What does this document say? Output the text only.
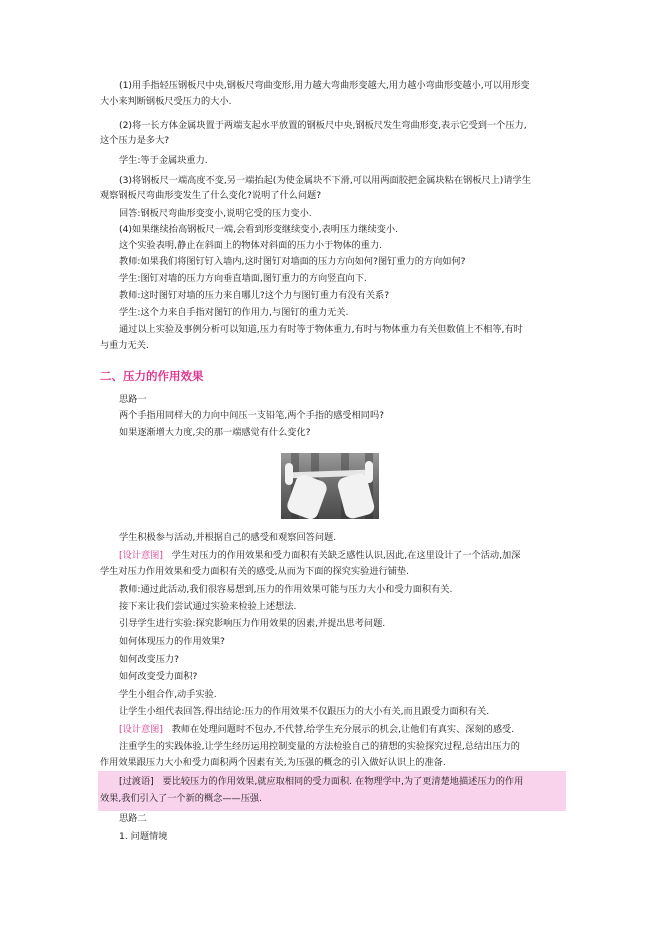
(1)用手指轻压钢板尺中央,钢板尺弯曲变形,用力越大弯曲形变越大,用力越小弯曲形变越小,可以用形变

大小来判断钢板尺受压力的大小.

(2)将一长方体金属块置于两端支起水平放置的钢板尺中央,钢板尺发生弯曲形变,表示它受到一个压力,

这个压力是多大?

学生:等于金属块重力.

(3)将钢板尺一端高度不变,另一端抬起(为使金属块不下滑,可以用两面胶把金属块粘在钢板尺上)请学生

观察钢板尺弯曲形变发生了什么变化?说明了什么问题?

回答:钢板尺弯曲形变变小,说明它受的压力变小.

(4)如果继续抬高钢板尺一端,会看到形变继续变小,表明压力继续变小.

这个实验表明,静止在斜面上的物体对斜面的压力小于物体的重力.

教师:如果我们将图钉钉入墙内,这时图钉对墙面的压力方向如何?图钉重力的方向如何?

学生:图钉对墙的压力方向垂直墙面,图钉重力的方向竖直向下.

教师:这时图钉对墙的压力来自哪儿?这个力与图钉重力有没有关系?

学生:这个力来自手指对图钉的作用力,与图钉的重力无关.

通过以上实验及事例分析可以知道,压力有时等于物体重力,有时与物体重力有关但数值上不相等,有时

与重力无关.

二、压力的作用效果

思路一

两个手指用同样大的力向中间压一支铅笔,两个手指的感受相同吗?

如果逐渐增大力度,尖的那一端感觉有什么变化?

学生积极参与活动,并根据自己的感受和观察回答问题.

[设计意图] 学生对压力的作用效果和受力面积有关缺乏感性认识,因此,在这里设计了一个活动,加深

学生对压力作用效果和受力面积有关的感受,从而为下面的探究实验进行铺垫.

教师:通过此活动,我们很容易想到,压力的作用效果可能与压力大小和受力面积有关.

接下来让我们尝试通过实验来检验上述想法.

引导学生进行实验:探究影响压力作用效果的因素,并提出思考问题.

如何体现压力的作用效果?

如何改变压力?

如何改变受力面积?

学生小组合作,动手实验.

让学生小组代表回答,得出结论:压力的作用效果不仅跟压力的大小有关,而且跟受力面积有关.

[设计意图] 教师在处理问题时不包办,不代替,给学生充分展示的机会,让他们有真实、深刻的感受.

注重学生的实践体验,让学生经历运用控制变量的方法检验自己的猜想的实验探究过程,总结出压力的

作用效果跟压力大小和受力面积两个因素有关,为压强的概念的引入做好认识上的准备.

[过渡语] 要比较压力的作用效果,就应取相同的受力面积. 在物理学中,为了更清楚地描述压力的作用

效果,我们引入了一个新的概念——压强.

思路二

1. 问题情境
